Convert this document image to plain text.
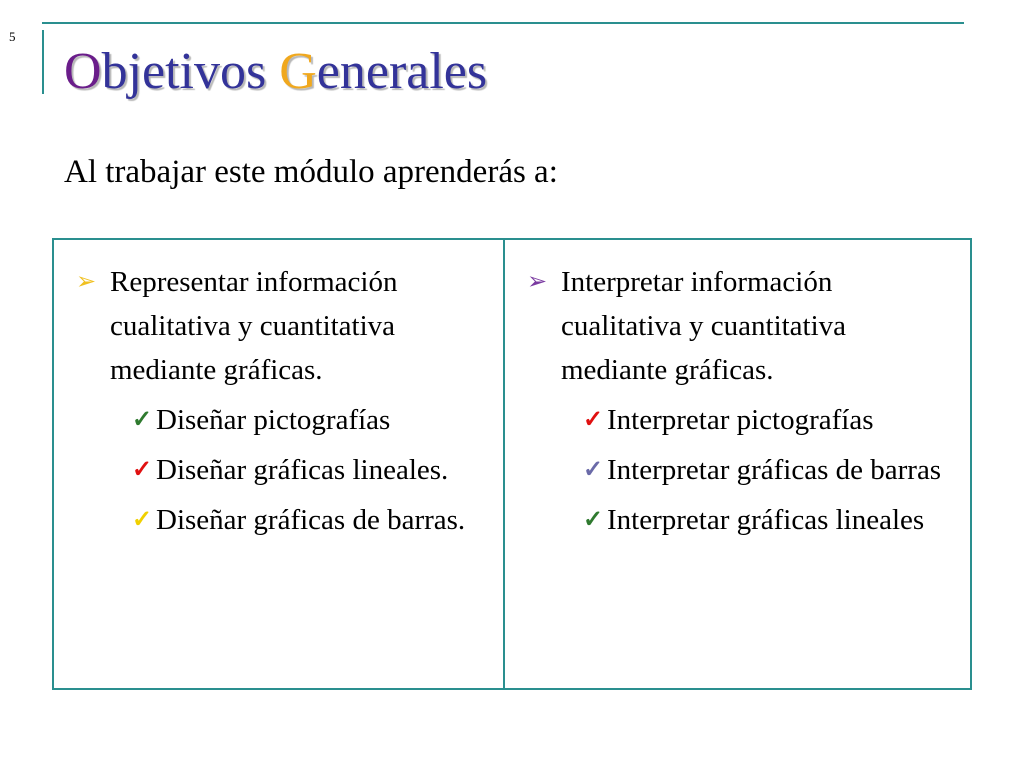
5
Objetivos Generales

Al trabajar este módulo aprenderás a:

➢ Representar información cualitativa y cuantitativa mediante gráficas.
✓ Diseñar pictografías
✓ Diseñar gráficas lineales.
✓ Diseñar gráficas de barras.
➢ Interpretar información cualitativa y cuantitativa mediante gráficas.
✓ Interpretar pictografías
✓ Interpretar gráficas de barras
✓ Interpretar gráficas lineales
